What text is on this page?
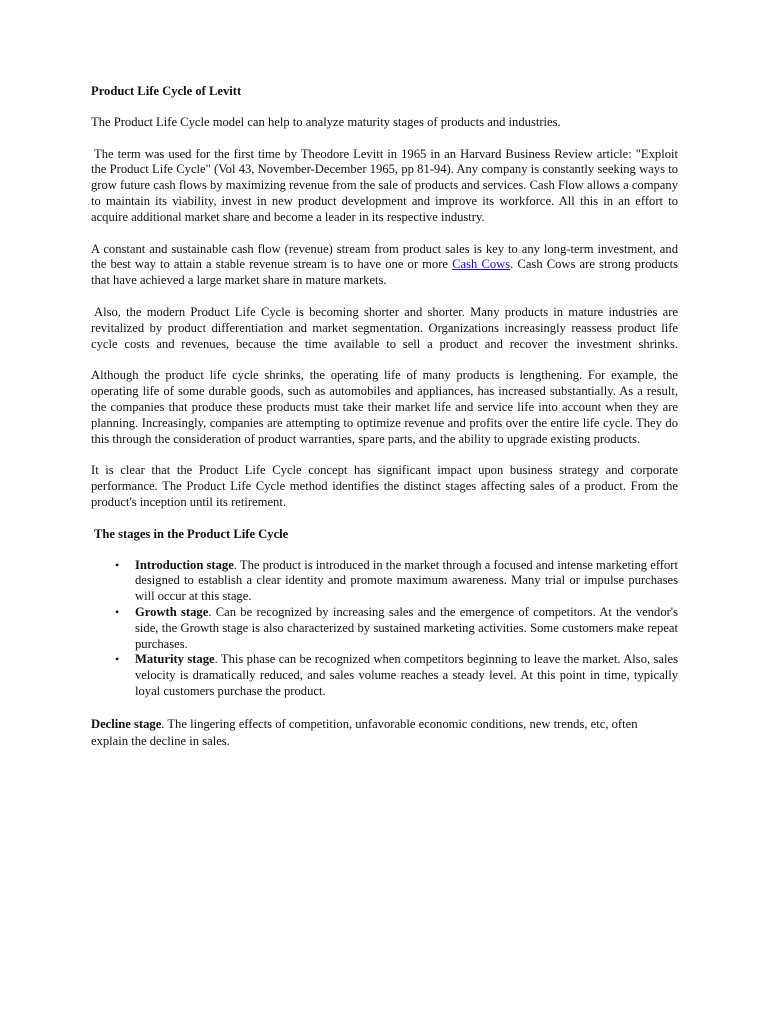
Product Life Cycle of Levitt

The Product Life Cycle model can help to analyze maturity stages of products and industries.

The term was used for the first time by Theodore Levitt in 1965 in an Harvard Business Review article: "Exploit the Product Life Cycle" (Vol 43, November-December 1965, pp 81-94). Any company is constantly seeking ways to grow future cash flows by maximizing revenue from the sale of products and services. Cash Flow allows a company to maintain its viability, invest in new product development and improve its workforce. All this in an effort to acquire additional market share and become a leader in its respective industry.

A constant and sustainable cash flow (revenue) stream from product sales is key to any long-term investment, and the best way to attain a stable revenue stream is to have one or more Cash Cows. Cash Cows are strong products that have achieved a large market share in mature markets.

Also, the modern Product Life Cycle is becoming shorter and shorter. Many products in mature industries are revitalized by product differentiation and market segmentation. Organizations increasingly reassess product life cycle costs and revenues, because the time available to sell a product and recover the investment shrinks.

Although the product life cycle shrinks, the operating life of many products is lengthening. For example, the operating life of some durable goods, such as automobiles and appliances, has increased substantially. As a result, the companies that produce these products must take their market life and service life into account when they are planning. Increasingly, companies are attempting to optimize revenue and profits over the entire life cycle. They do this through the consideration of product warranties, spare parts, and the ability to upgrade existing products.

It is clear that the Product Life Cycle concept has significant impact upon business strategy and corporate performance. The Product Life Cycle method identifies the distinct stages affecting sales of a product. From the product's inception until its retirement.

The stages in the Product Life Cycle

• Introduction stage. The product is introduced in the market through a focused and intense marketing effort designed to establish a clear identity and promote maximum awareness. Many trial or impulse purchases will occur at this stage.
• Growth stage. Can be recognized by increasing sales and the emergence of competitors. At the vendor's side, the Growth stage is also characterized by sustained marketing activities. Some customers make repeat purchases.
• Maturity stage. This phase can be recognized when competitors beginning to leave the market. Also, sales velocity is dramatically reduced, and sales volume reaches a steady level. At this point in time, typically loyal customers purchase the product.

Decline stage. The lingering effects of competition, unfavorable economic conditions, new trends, etc, often explain the decline in sales.
